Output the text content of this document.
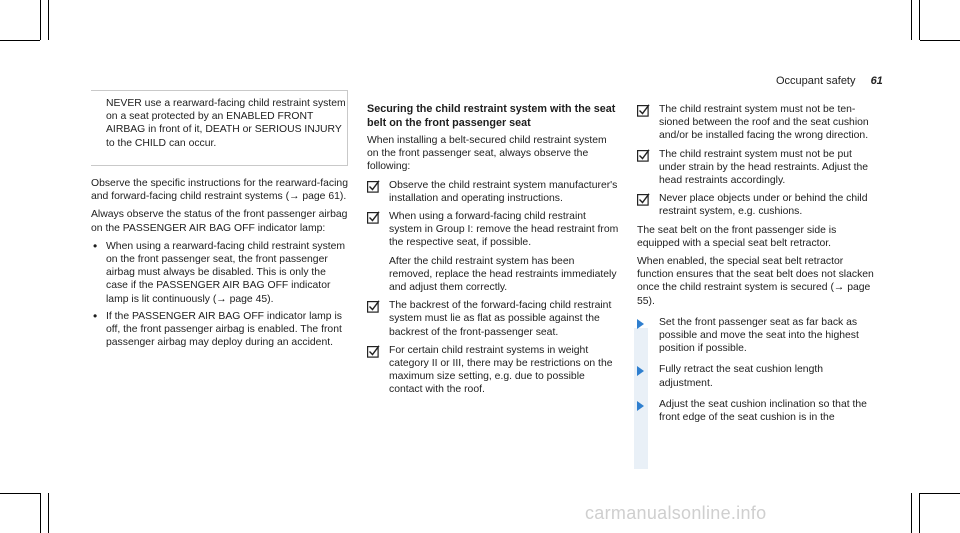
Occupant safety 61
NEVER use a rearward-facing child restraint system on a seat protected by an ENABLED FRONT AIRBAG in front of it, DEATH or SERIOUS INJURY to the CHILD can occur.

Observe the specific instructions for the rearward-facing and forward-facing child restraint systems (→ page 61).

Always observe the status of the front passenger airbag on the PASSENGER AIR BAG OFF indicator lamp:

• When using a rearward-facing child restraint system on the front passenger seat, the front passenger airbag must always be disabled. This is only the case if the PASSENGER AIR BAG OFF indicator lamp is lit continuously (→ page 45).
• If the PASSENGER AIR BAG OFF indicator lamp is off, the front passenger airbag is enabled. The front passenger airbag may deploy during an accident.
Securing the child restraint system with the seat belt on the front passenger seat

When installing a belt-secured child restraint system on the front passenger seat, always observe the following:

Observe the child restraint system manufacturer's installation and operating instructions.
When using a forward-facing child restraint system in Group I: remove the head restraint from the respective seat, if possible.
After the child restraint system has been removed, replace the head restraints immediately and adjust them correctly.
The backrest of the forward-facing child restraint system must lie as flat as possible against the backrest of the front-passenger seat.
For certain child restraint systems in weight category II or III, there may be restrictions on the maximum size setting, e.g. due to possible contact with the roof.
The child restraint system must not be ten-sioned between the roof and the seat cushion and/or be installed facing the wrong direction.
The child restraint system must not be put under strain by the head restraints. Adjust the head restraints accordingly.
Never place objects under or behind the child restraint system, e.g. cushions.

The seat belt on the front passenger side is equipped with a special seat belt retractor.

When enabled, the special seat belt retractor function ensures that the seat belt does not slacken once the child restraint system is secured (→ page 55).

Set the front passenger seat as far back as possible and move the seat into the highest position if possible.
Fully retract the seat cushion length adjustment.
Adjust the seat cushion inclination so that the front edge of the seat cushion is in the
carmanualsonline.info
